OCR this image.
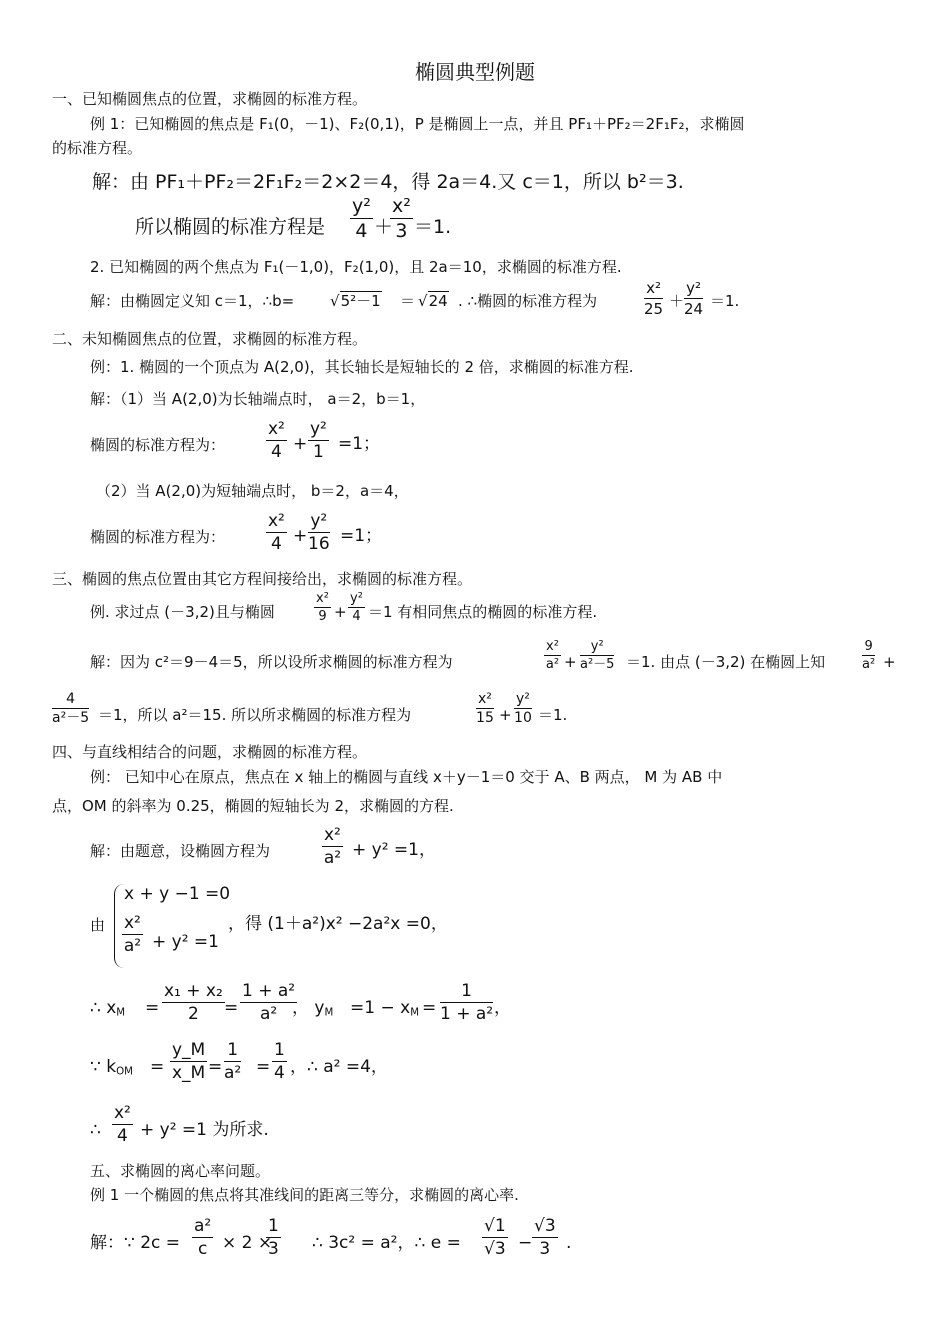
椭圆典型例题
一、已知椭圆焦点的位置，求椭圆的标准方程。
例 1：已知椭圆的焦点是 F₁(0，－1)、F₂(0,1)，P 是椭圆上一点，并且 PF₁＋PF₂＝2F₁F₂，求椭圆
的标准方程。
解：由 PF₁＋PF₂＝2F₁F₂＝2×2＝4，得 2a＝4.又 c＝1，所以 b²＝3.
所以椭圆的标准方程是 $\frac{\text{y²}}{4}$ ＋
$\frac{\text{x²}}{3} =1$.
2. 已知椭圆的两个焦点为 F₁(－1,0)，F₂(1,0)，且 2a＝10，求椭圆的标准方程.
解：由椭圆定义知 c＝1，∴b= √5²－1 ＝ √24 . ∴椭圆的标准方程为	$\frac{\text{x²}}{25} + \frac{\text{y²}}{24} =1$.
二、未知椭圆焦点的位置，求椭圆的标准方程。
例：1. 椭圆的一个顶点为 A(2,0)，其长轴长是短轴长的 2 倍，求椭圆的标准方程.
解：（1）当 A(2,0)为长轴端点时， a＝2，b＝1，
椭圆的标准方程为： $\frac{\text{x²}}{4} + \frac{\text{y²}}{1} =1$；
（2）当 A(2,0)为短轴端点时， b＝2，a＝4，
椭圆的标准方程为： $\frac{\text{x²}}{4} + \frac{\text{y²}}{16} =1$；
三、椭圆的焦点位置由其它方程间接给出，求椭圆的标准方程。
例. 求过点 (－3,2)且与椭圆	$\frac{\text{x²}}{9} + \frac{\text{y²}}{4} =1$ 有相同焦点的椭圆的标准方程.
解：因为 c²＝9－4＝5，所以设所求椭圆的标准方程为	$\frac{\text{x²}}{\text{a²}} + \frac{\text{y²}}{\text{a²－5}} =1$. 由点 (－3,2) 在椭圆上知	$\frac{9}{\text{a²}}$ +
$\frac{4}{\text{a²－5}} =1$，所以 a²＝15. 所以所求椭圆的标准方程为	$\frac{\text{x²}}{15} + \frac{\text{y²}}{10} =1$.
四、与直线相结合的问题，求椭圆的标准方程。
例： 已知中心在原点，焦点在 x 轴上的椭圆与直线 x＋y－1＝0 交于 A、B 两点， M 为 AB 中
点，OM 的斜率为 0.25，椭圆的短轴长为 2，求椭圆的方程.
解：由题意，设椭圆方程为	$\frac{\text{x²}}{\text{a²}} + y^2 =1$，
由
x + y −1 =0
$\frac{\text{x²}}{\text{a²}} + y^2 =1$
，得 (1＋a²)x² −2a²x =0，
∴ $x_M = \frac{\text{x₁ + x₂}}{2} = \frac{\text{1 + a²}}{\text{a²}}$
， $y_M =1 - x_M = \frac{1}{\text{1 + a²}}$ ，
∵ $k_{OM} = \frac{y\_M}{x\_M} = \frac{1}{\text{a²}} = \frac{1}{4}$ ，∴ a² =4，
∴ $\frac{\text{x²}}{4} + y^2 =1$ 为所求.
五、求椭圆的离心率问题。
例 1 一个椭圆的焦点将其准线间的距离三等分，求椭圆的离心率.
解：∵ $2c = \frac{\text{a²}}{c} \times 2$ ×
$\frac{1}{3}$ ∴ 3c² = a²，∴ $e = \frac{√1}{√3} - \frac{√3}{3}$ .
